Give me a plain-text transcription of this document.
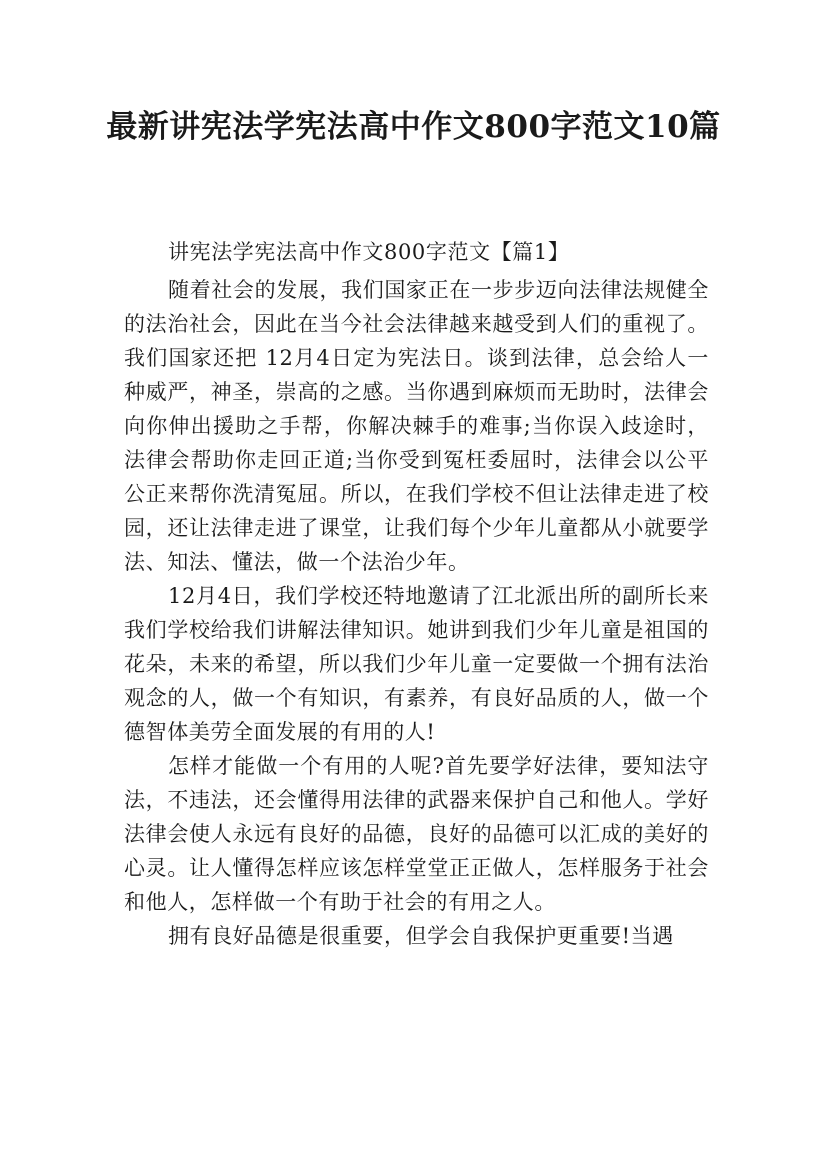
最新讲宪法学宪法高中作文800字范文10篇

讲宪法学宪法高中作文800字范文【篇1】

随着社会的发展，我们国家正在一步步迈向法律法规健全的法治社会，因此在当今社会法律越来越受到人们的重视了。我们国家还把 12月4日定为宪法日。谈到法律，总会给人一种威严，神圣，崇高的之感。当你遇到麻烦而无助时，法律会向你伸出援助之手帮，你解决棘手的难事;当你误入歧途时，法律会帮助你走回正道;当你受到冤枉委屈时，法律会以公平公正来帮你洗清冤屈。所以，在我们学校不但让法律走进了校园，还让法律走进了课堂，让我们每个少年儿童都从小就要学法、知法、懂法，做一个法治少年。

12月4日，我们学校还特地邀请了江北派出所的副所长来我们学校给我们讲解法律知识。她讲到我们少年儿童是祖国的花朵，未来的希望，所以我们少年儿童一定要做一个拥有法治观念的人，做一个有知识，有素养，有良好品质的人，做一个德智体美劳全面发展的有用的人!

怎样才能做一个有用的人呢?首先要学好法律，要知法守法，不违法，还会懂得用法律的武器来保护自己和他人。学好法律会使人永远有良好的品德，良好的品德可以汇成的美好的心灵。让人懂得怎样应该怎样堂堂正正做人，怎样服务于社会和他人，怎样做一个有助于社会的有用之人。

拥有良好品德是很重要，但学会自我保护更重要!当遇
